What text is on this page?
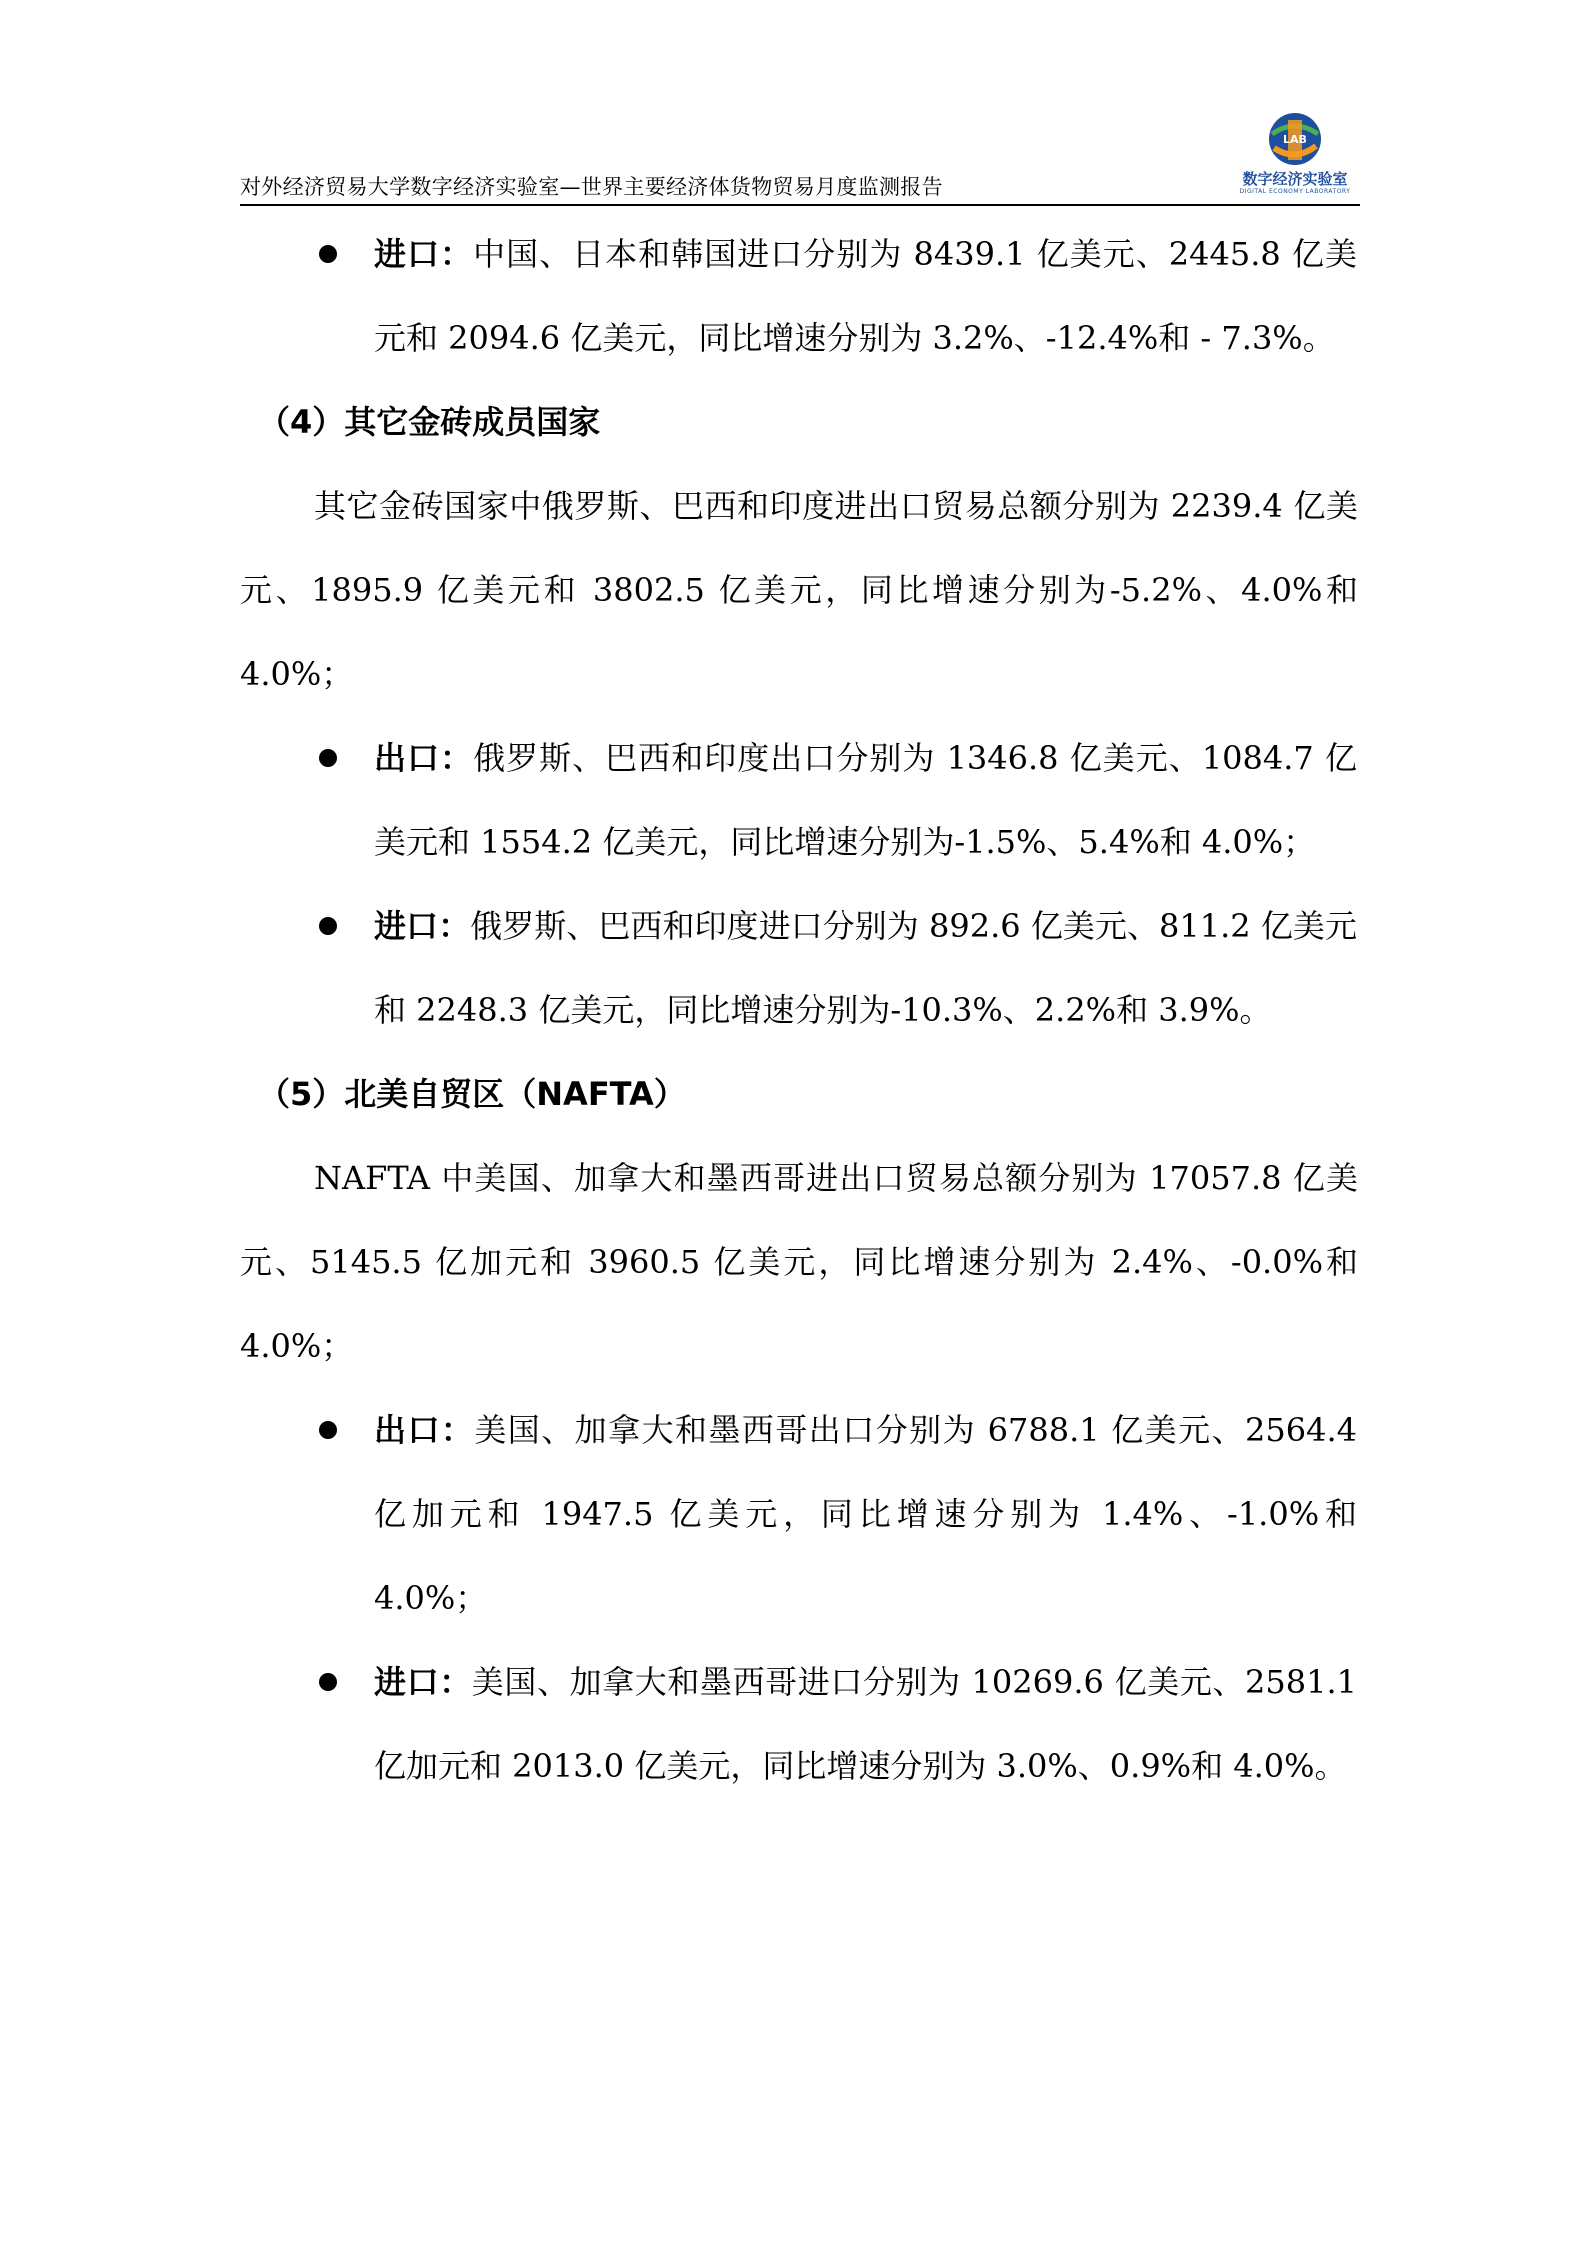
对外经济贸易大学数字经济实验室—世界主要经济体货物贸易月度监测报告
LAB
数字经济实验室
DIGITAL ECONOMY LABORATORY

进口：中国、日本和韩国进口分别为 8439.1 亿美元、2445.8 亿美元和 2094.6 亿美元，同比增速分别为 3.2%、-12.4%和 - 7.3%。

（4）其它金砖成员国家

其它金砖国家中俄罗斯、巴西和印度进出口贸易总额分别为 2239.4 亿美元、1895.9 亿美元和 3802.5 亿美元，同比增速分别为-5.2%、4.0%和 4.0%；

出口：俄罗斯、巴西和印度出口分别为 1346.8 亿美元、1084.7 亿美元和 1554.2 亿美元，同比增速分别为-1.5%、5.4%和 4.0%；

进口：俄罗斯、巴西和印度进口分别为 892.6 亿美元、811.2 亿美元和 2248.3 亿美元，同比增速分别为-10.3%、2.2%和 3.9%。

（5）北美自贸区（NAFTA）

NAFTA 中美国、加拿大和墨西哥进出口贸易总额分别为 17057.8 亿美元、5145.5 亿加元和 3960.5 亿美元，同比增速分别为 2.4%、-0.0%和 4.0%；

出口：美国、加拿大和墨西哥出口分别为 6788.1 亿美元、2564.4 亿加元和 1947.5 亿美元，同比增速分别为 1.4%、-1.0%和 4.0%；

进口：美国、加拿大和墨西哥进口分别为 10269.6 亿美元、2581.1 亿加元和 2013.0 亿美元，同比增速分别为 3.0%、0.9%和 4.0%。
